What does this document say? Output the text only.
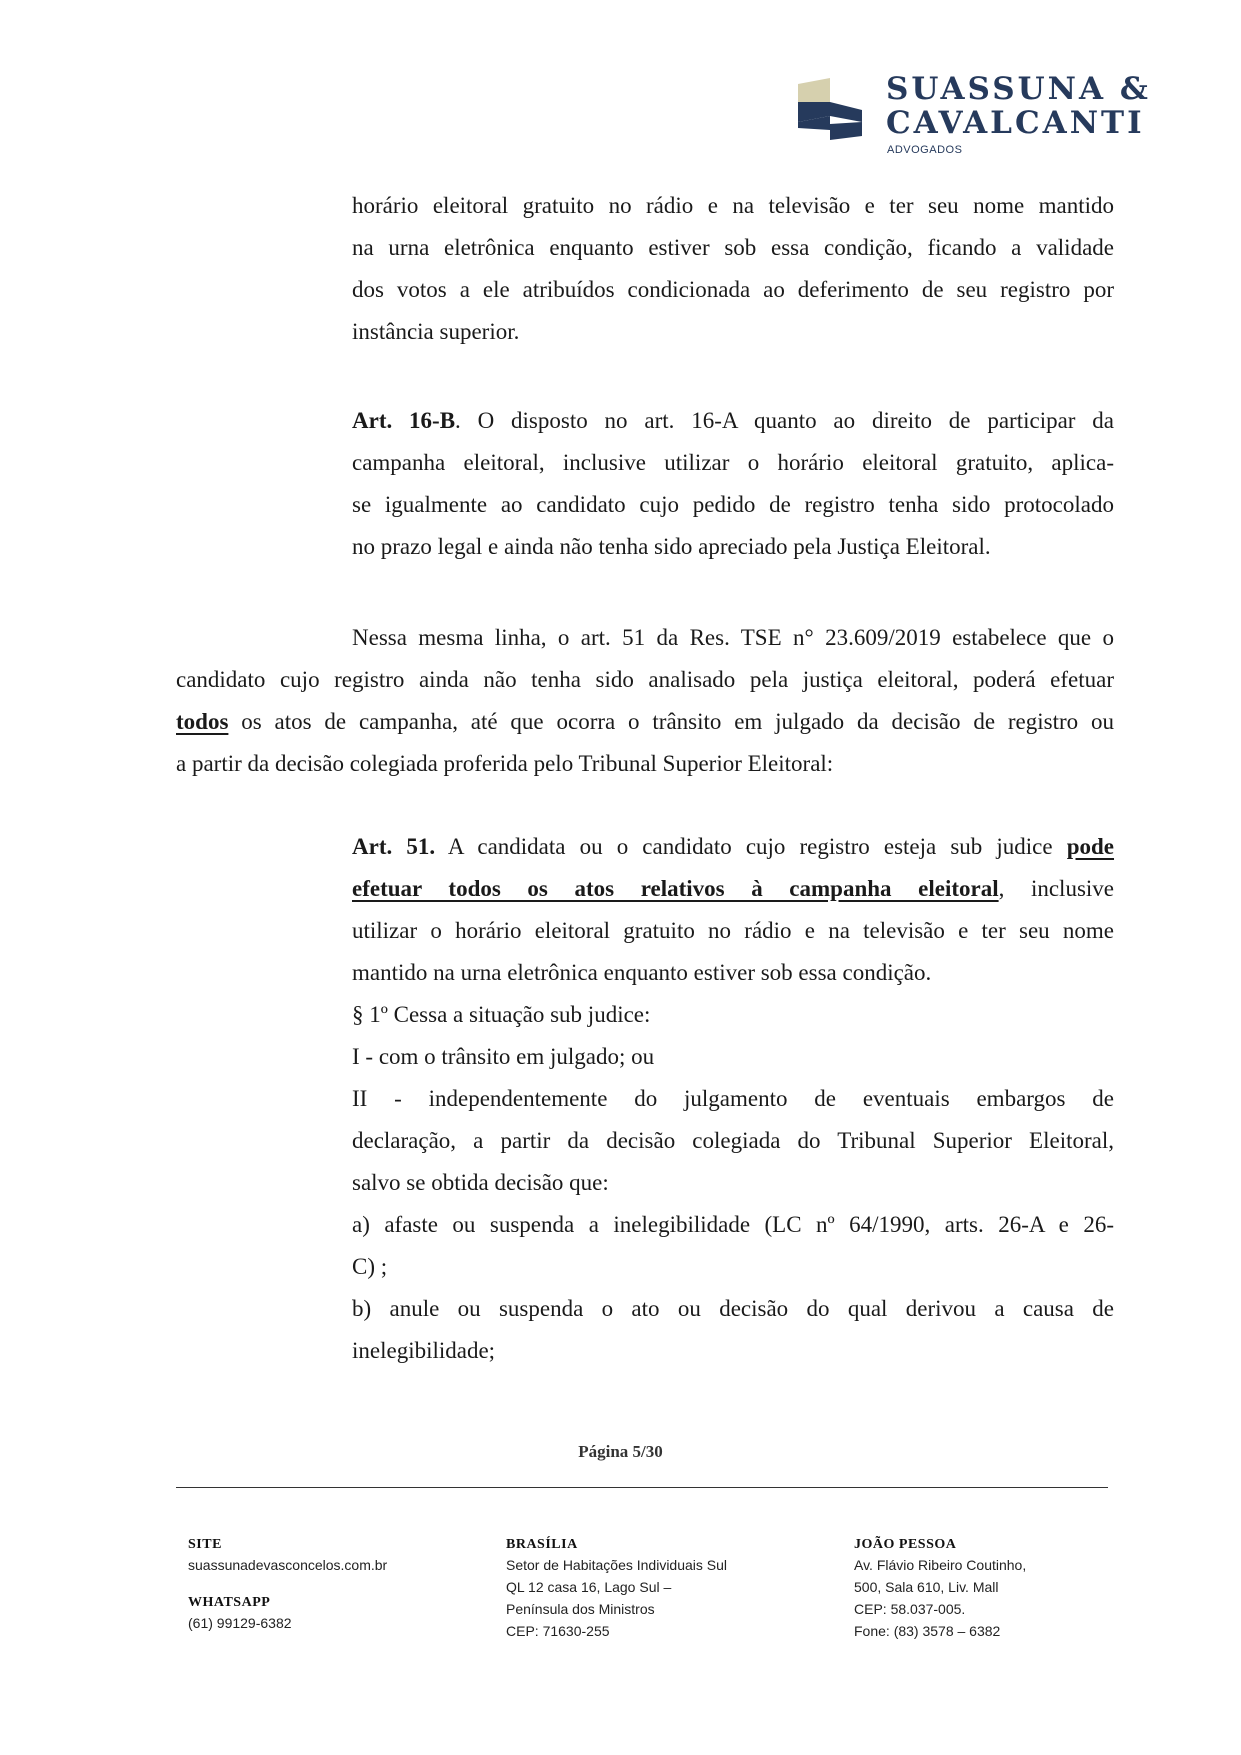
SUASSUNA &
CAVALCANTI
ADVOGADOS
horário eleitoral gratuito no rádio e na televisão e ter seu nome mantido
na urna eletrônica enquanto estiver sob essa condição, ficando a validade
dos votos a ele atribuídos condicionada ao deferimento de seu registro por
instância superior.
Art. 16-B. O disposto no art. 16-A quanto ao direito de participar da
campanha eleitoral, inclusive utilizar o horário eleitoral gratuito, aplica-
se igualmente ao candidato cujo pedido de registro tenha sido protocolado
no prazo legal e ainda não tenha sido apreciado pela Justiça Eleitoral.
Nessa mesma linha, o art. 51 da Res. TSE n° 23.609/2019 estabelece que o
candidato cujo registro ainda não tenha sido analisado pela justiça eleitoral, poderá efetuar
todos os atos de campanha, até que ocorra o trânsito em julgado da decisão de registro ou
a partir da decisão colegiada proferida pelo Tribunal Superior Eleitoral:
Art. 51. A candidata ou o candidato cujo registro esteja sub judice pode
efetuar todos os atos relativos à campanha eleitoral, inclusive
utilizar o horário eleitoral gratuito no rádio e na televisão e ter seu nome
mantido na urna eletrônica enquanto estiver sob essa condição.
§ 1º Cessa a situação sub judice:
I - com o trânsito em julgado; ou
II - independentemente do julgamento de eventuais embargos de
declaração, a partir da decisão colegiada do Tribunal Superior Eleitoral,
salvo se obtida decisão que:
a) afaste ou suspenda a inelegibilidade (LC nº 64/1990, arts. 26-A e 26-
C) ;
b) anule ou suspenda o ato ou decisão do qual derivou a causa de
inelegibilidade;
Página 5/30
SITE
suassunadevasconcelos.com.br
WHATSAPP
(61) 99129-6382
BRASÍLIA
Setor de Habitações Individuais Sul
QL 12 casa 16, Lago Sul –
Península dos Ministros
CEP: 71630-255
JOÃO PESSOA
Av. Flávio Ribeiro Coutinho,
500, Sala 610, Liv. Mall
CEP: 58.037-005.
Fone: (83) 3578 – 6382
